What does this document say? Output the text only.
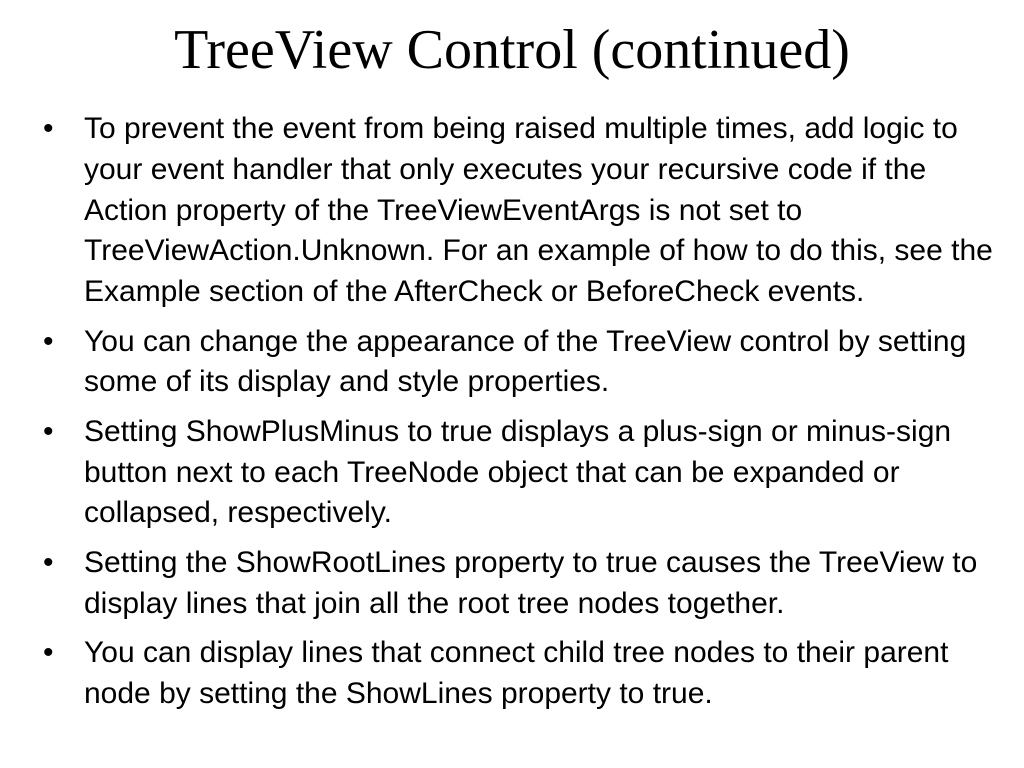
TreeView Control (continued)
•	To prevent the event from being raised multiple times, add logic to your event handler that only executes your recursive code if the Action property of the TreeViewEventArgs is not set to TreeViewAction.Unknown. For an example of how to do this, see the Example section of the AfterCheck or BeforeCheck events.
•	You can change the appearance of the TreeView control by setting some of its display and style properties.
•	Setting ShowPlusMinus to true displays a plus-sign or minus-sign button next to each TreeNode object that can be expanded or collapsed, respectively.
•	Setting the ShowRootLines property to true causes the TreeView to display lines that join all the root tree nodes together.
•	You can display lines that connect child tree nodes to their parent node by setting the ShowLines property to true.
